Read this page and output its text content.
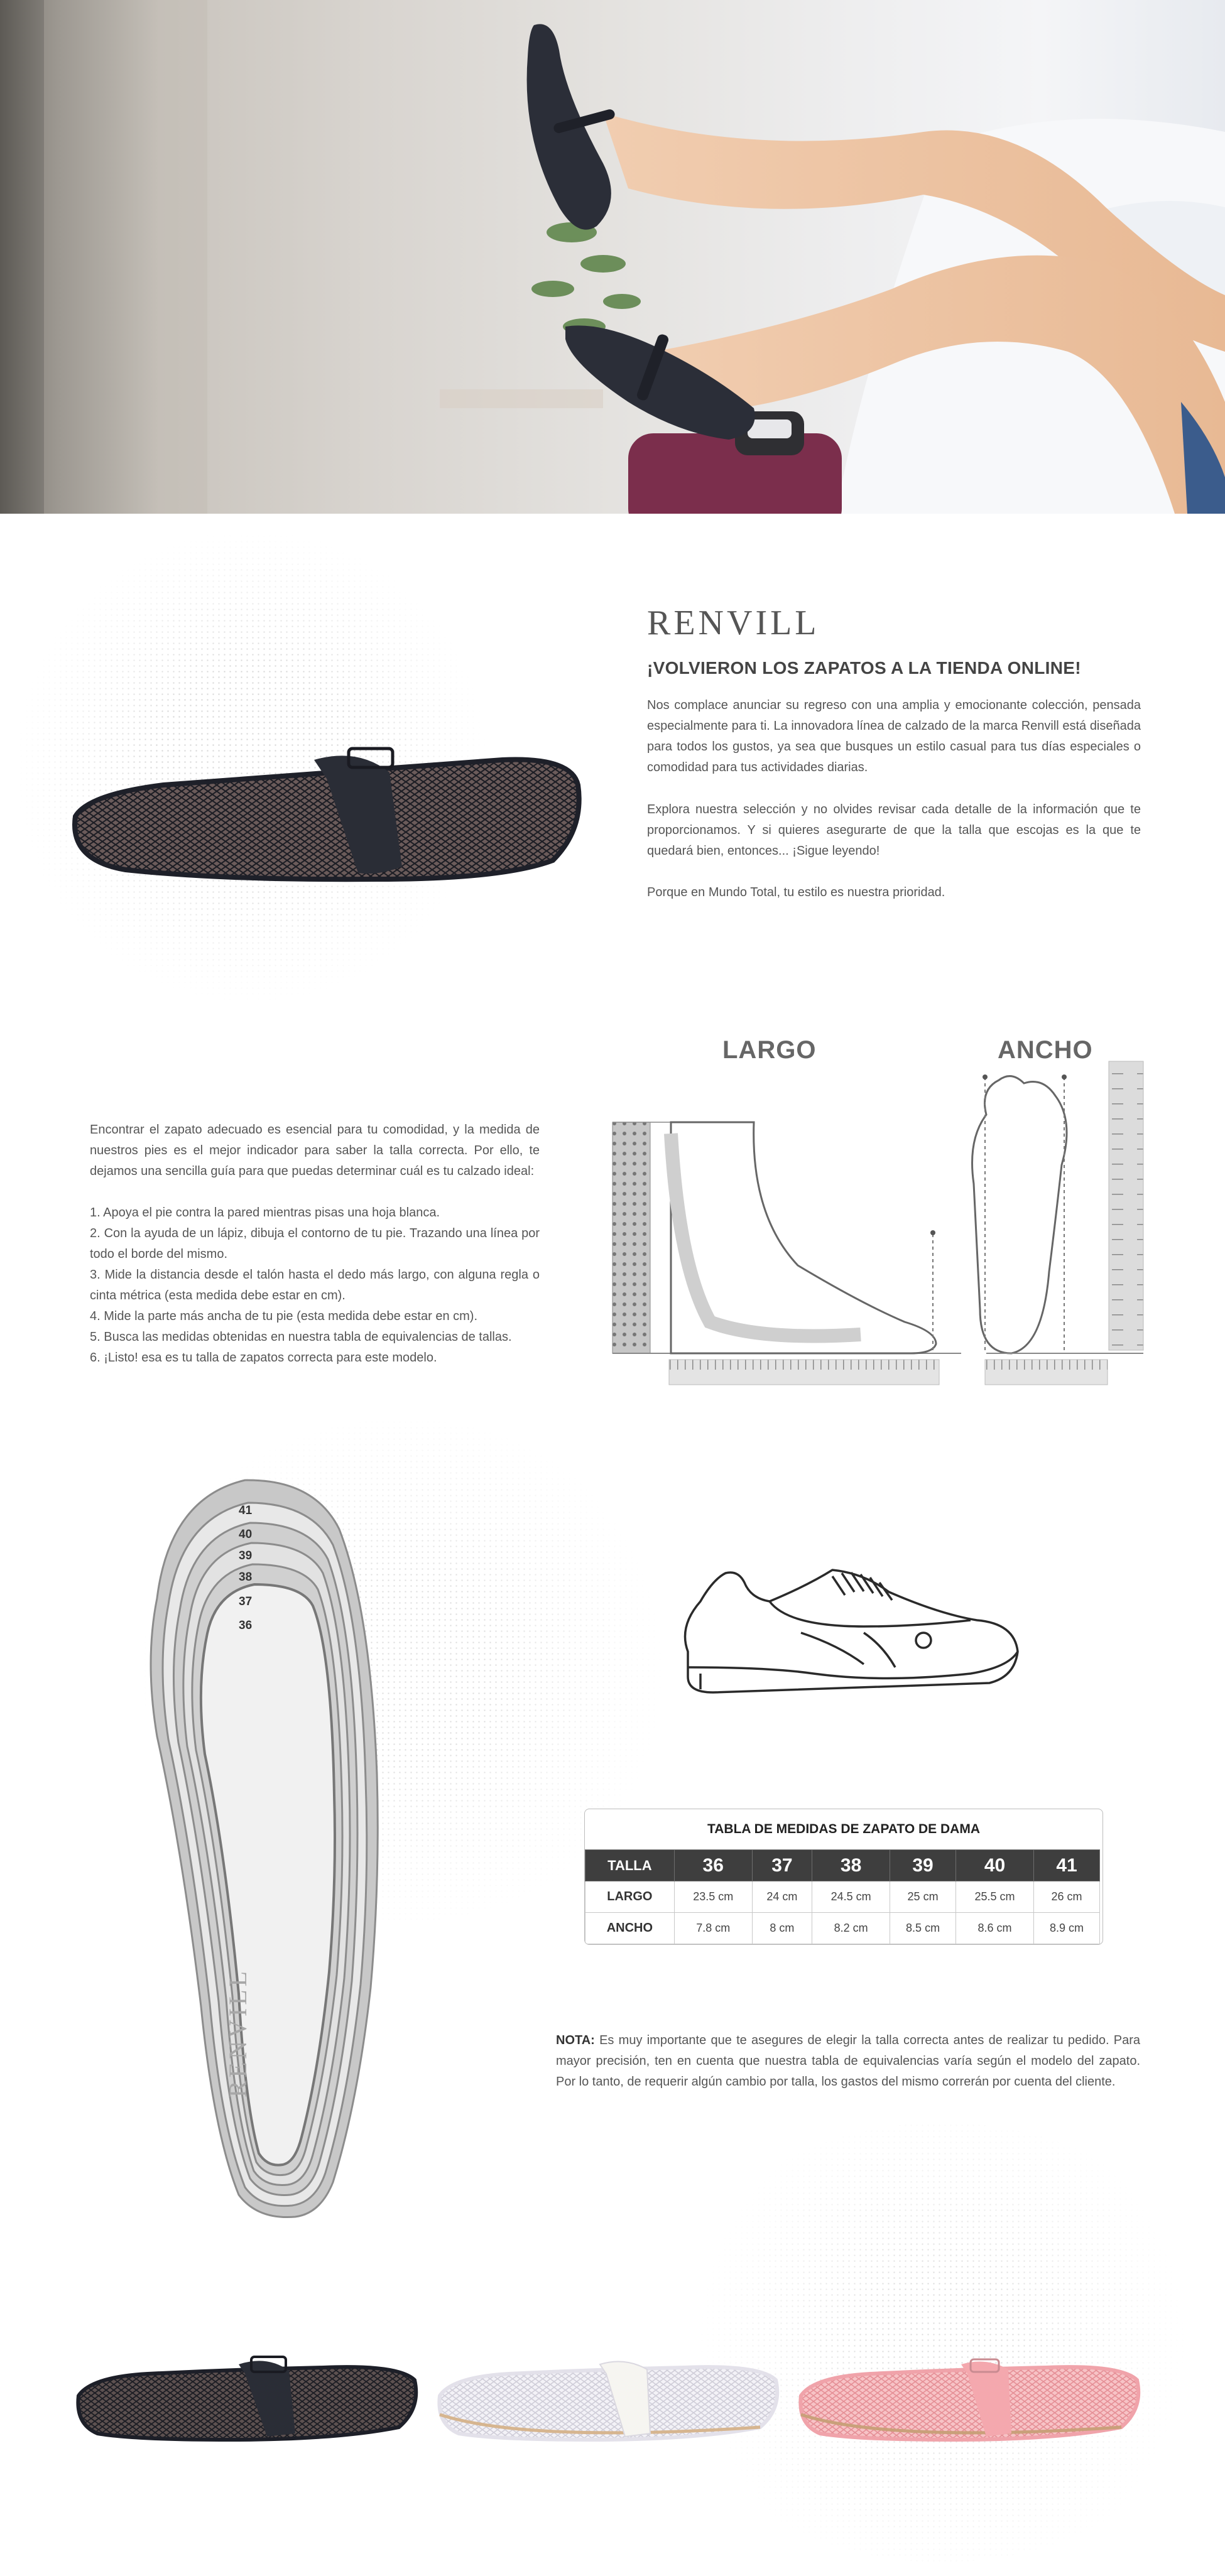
RENVILL
¡VOLVIERON LOS ZAPATOS A LA TIENDA ONLINE!
Nos complace anunciar su regreso con una amplia y emocionante colección, pensada especialmente para ti. La innovadora línea de calzado de la marca Renvill está diseñada para todos los gustos, ya sea que busques un estilo casual para tus días especiales o comodidad para tus actividades diarias.
Explora nuestra selección y no olvides revisar cada detalle de la información que te proporcionamos. Y si quieres asegurarte de que la talla que escojas es la que te quedará bien, entonces... ¡Sigue leyendo!
Porque en Mundo Total, tu estilo es nuestra prioridad.
Encontrar el zapato adecuado es esencial para tu comodidad, y la medida de nuestros pies es el mejor indicador para saber la talla correcta. Por ello, te dejamos una sencilla guía para que puedas determinar cuál es tu calzado ideal:
1. Apoya el pie contra la pared mientras pisas una hoja blanca.
2. Con la ayuda de un lápiz, dibuja el contorno de tu pie. Trazando una línea por todo el borde del mismo.
3. Mide la distancia desde el talón hasta el dedo más largo, con alguna regla o cinta métrica (esta medida debe estar en cm).
4. Mide la parte más ancha de tu pie (esta medida debe estar en cm).
5. Busca las medidas obtenidas en nuestra tabla de equivalencias de tallas.
6. ¡Listo! esa es tu talla de zapatos correcta para este modelo.
LARGO	ANCHO
41
40
39
38
37
36
RENVILL
TABLA DE MEDIDAS DE ZAPATO DE DAMA
TALLA	36	37	38	39	40	41
LARGO	23.5 cm	24 cm	24.5 cm	25 cm	25.5 cm	26 cm
ANCHO	7.8 cm	8 cm	8.2 cm	8.5 cm	8.6 cm	8.9 cm
NOTA: Es muy importante que te asegures de elegir la talla correcta antes de realizar tu pedido. Para mayor precisión, ten en cuenta que nuestra tabla de equivalencias varía según el modelo del zapato. Por lo tanto, de requerir algún cambio por talla, los gastos del mismo correrán por cuenta del cliente.
